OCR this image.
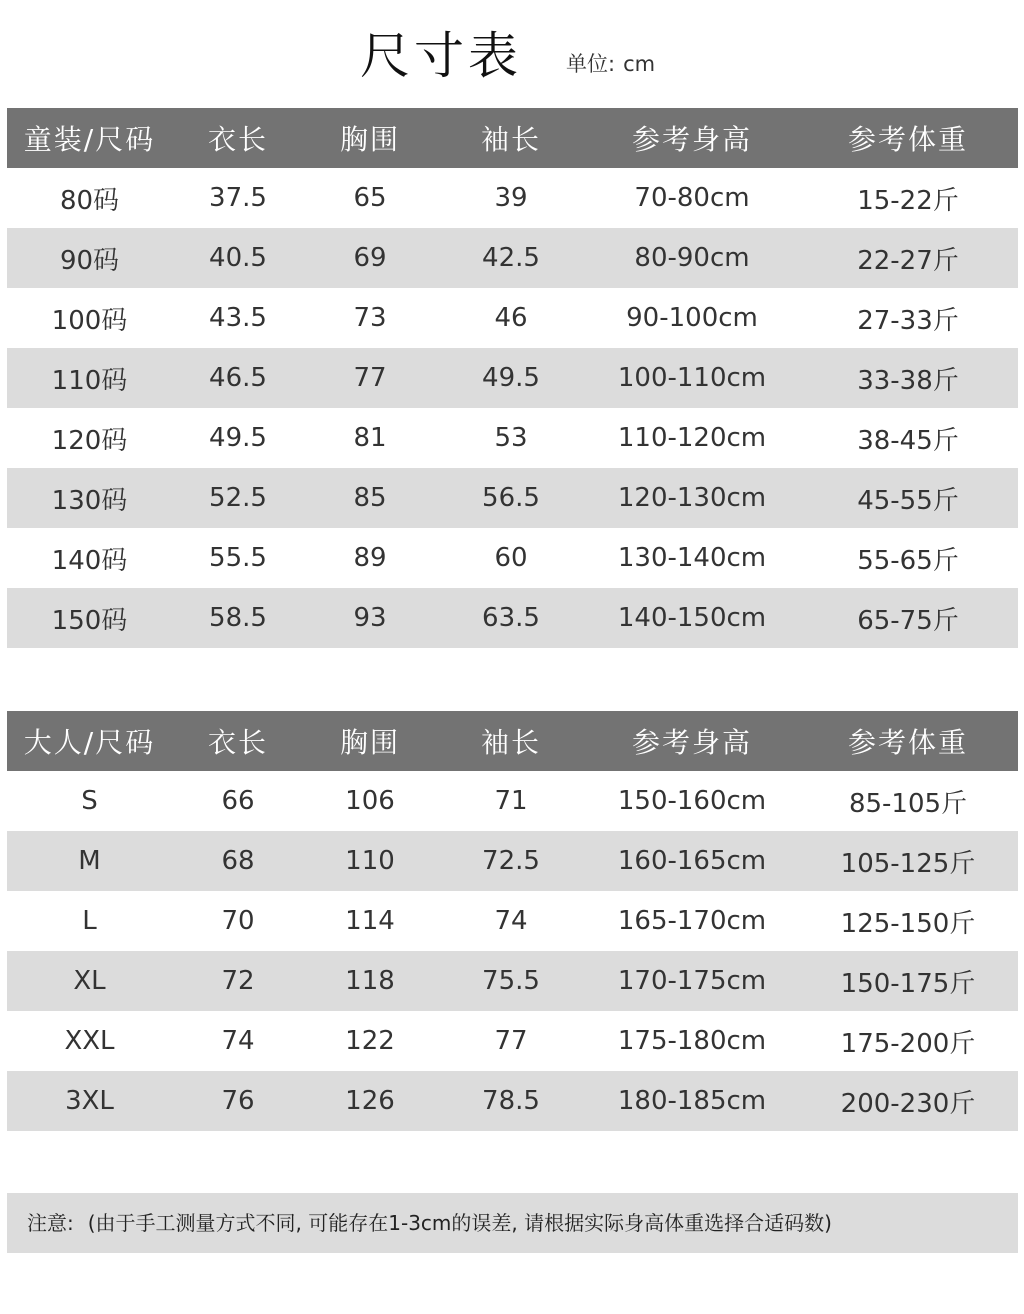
尺寸表 单位: cm
童装/尺码	衣长	胸围	袖长	参考身高	参考体重
80码	37.5	65	39	70-80cm	15-22斤
90码	40.5	69	42.5	80-90cm	22-27斤
100码	43.5	73	46	90-100cm	27-33斤
110码	46.5	77	49.5	100-110cm	33-38斤
120码	49.5	81	53	110-120cm	38-45斤
130码	52.5	85	56.5	120-130cm	45-55斤
140码	55.5	89	60	130-140cm	55-65斤
150码	58.5	93	63.5	140-150cm	65-75斤
大人/尺码	衣长	胸围	袖长	参考身高	参考体重
S	66	106	71	150-160cm	85-105斤
M	68	110	72.5	160-165cm	105-125斤
L	70	114	74	165-170cm	125-150斤
XL	72	118	75.5	170-175cm	150-175斤
XXL	74	122	77	175-180cm	175-200斤
3XL	76	126	78.5	180-185cm	200-230斤
注意: (由于手工测量方式不同, 可能存在1-3cm的误差, 请根据实际身高体重选择合适码数)
